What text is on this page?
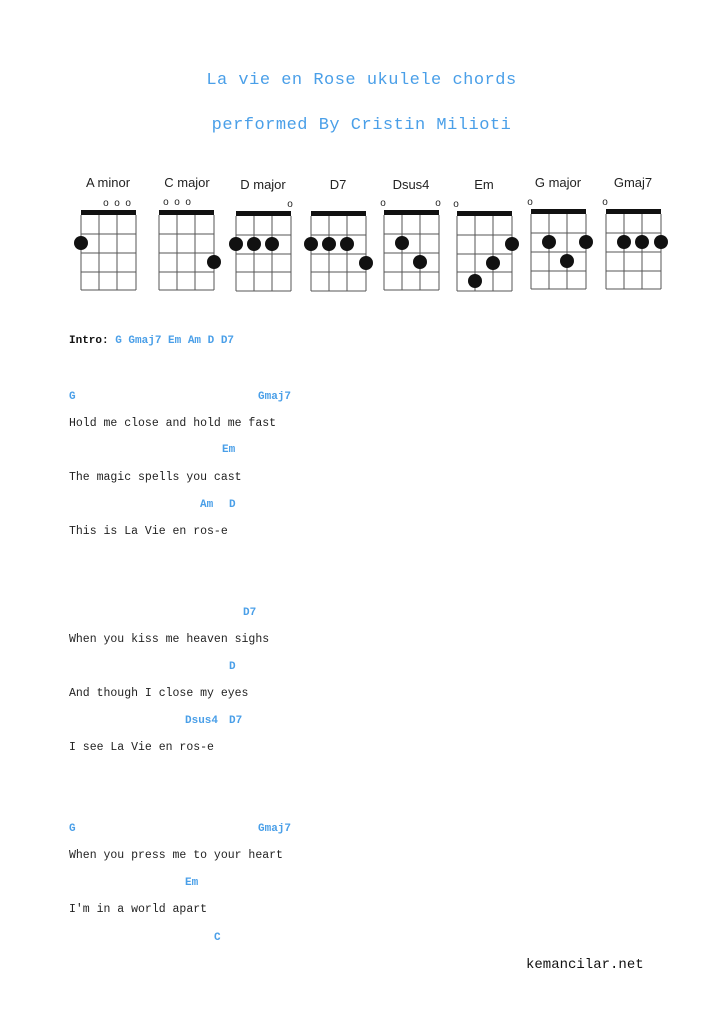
La vie en Rose ukulele chords
performed By Cristin Milioti
A minor
o  o  o
C major
o  o  o
D major
o
D7	Dsus4
o	o
Em
o
G major
o
Gmaj7
o
Intro: G Gmaj7 Em Am D D7
G	Gmaj7
Hold me close and hold me fast
Em
The magic spells you cast
Am D
This is La Vie en ros-e
D7
When you kiss me heaven sighs
D
And though I close my eyes
Dsus4 D7
I see La Vie en ros-e
G	Gmaj7
When you press me to your heart
Em
I'm in a world apart
C
kemancilar.net
